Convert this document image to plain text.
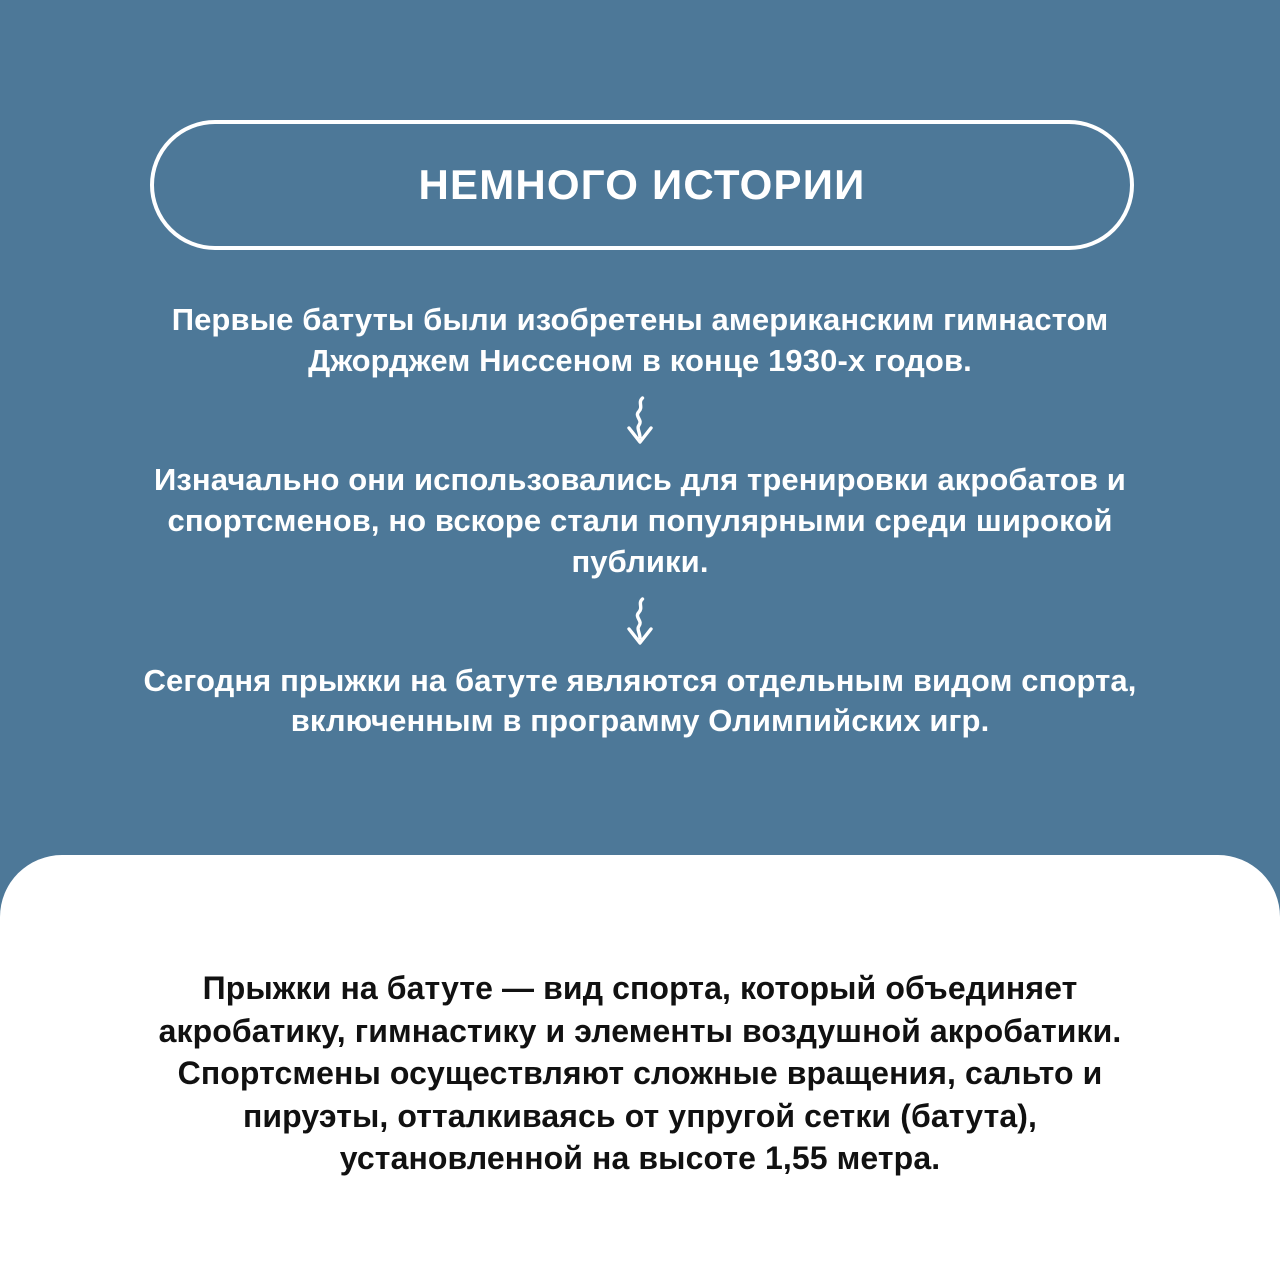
НЕМНОГО ИСТОРИИ
Первые батуты были изобретены американским гимнастом Джорджем Ниссеном в конце 1930-х годов.
Изначально они использовались для тренировки акробатов и спортсменов, но вскоре стали популярными среди широкой публики.
Сегодня прыжки на батуте являются отдельным видом спорта, включенным в программу Олимпийских игр.
Прыжки на батуте — вид спорта, который объединяет акробатику, гимнастику и элементы воздушной акробатики. Спортсмены осуществляют сложные вращения, сальто и пируэты, отталкиваясь от упругой сетки (батута), установленной на высоте 1,55 метра.
